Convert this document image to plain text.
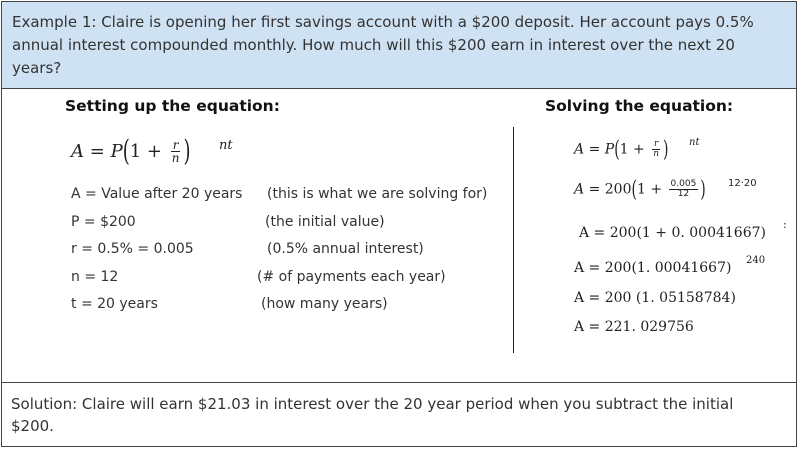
Example 1: Claire is opening her first savings account with a $200 deposit. Her account pays 0.5% annual interest compounded monthly. How much will this $200 earn in interest over the next 20 years?
Setting up the equation:
$A = P(1 + \frac{r}{n}$ ) nt
A = Value after 20 years (this is what we are solving for)
P = $200	(the initial value)
r = 0.5% = 0.005	(0.5% annual interest)
n = 12	(# of payments each year)
t = 20 years	(how many years)
Solving the equation:
$A = P(1 + \frac{r}{n}$ ) nt
$A = 200(1 + \frac{0.005}{12}$ ) 12·20
A = 200(1 + 0. 00041667)
:
A = 200(1. 00041667) 240
A = 200 (1. 05158784)
A = 221. 029756
Solution: Claire will earn $21.03 in interest over the 20 year period when you subtract the initial $200.
